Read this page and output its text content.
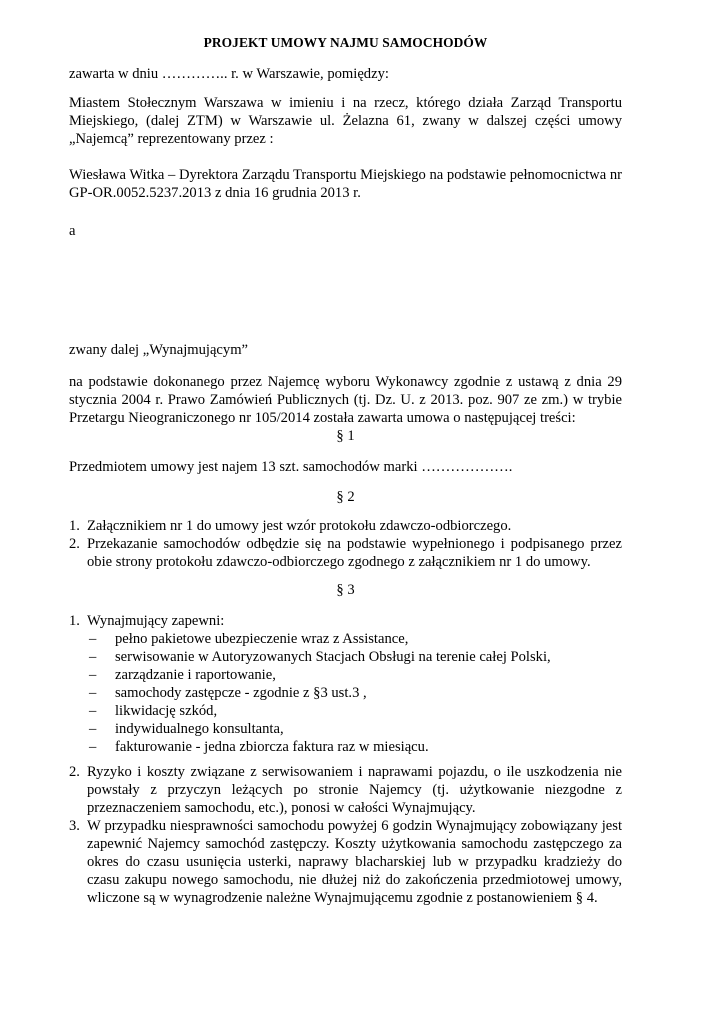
PROJEKT UMOWY NAJMU SAMOCHODÓW
zawarta w dniu ………….. r. w Warszawie, pomiędzy:
Miastem Stołecznym Warszawa w imieniu i na rzecz, którego działa Zarząd Transportu Miejskiego, (dalej ZTM) w Warszawie ul. Żelazna 61, zwany w dalszej części umowy „Najemcą” reprezentowany przez :
Wiesława Witka – Dyrektora Zarządu Transportu Miejskiego na podstawie pełnomocnictwa nr GP-OR.0052.5237.2013 z dnia 16 grudnia 2013 r.
a
zwany dalej „Wynajmującym”
na podstawie dokonanego przez Najemcę wyboru Wykonawcy zgodnie z ustawą z dnia 29 stycznia 2004 r. Prawo Zamówień Publicznych (tj. Dz. U. z 2013. poz. 907 ze zm.) w trybie Przetargu Nieograniczonego nr 105/2014 została zawarta umowa o następującej treści:
§ 1
Przedmiotem umowy jest najem 13 szt. samochodów marki ……………….
§ 2
1. Załącznikiem nr 1 do umowy jest wzór protokołu zdawczo-odbiorczego.
2. Przekazanie samochodów odbędzie się na podstawie wypełnionego i podpisanego przez obie strony protokołu zdawczo-odbiorczego zgodnego z załącznikiem nr 1 do umowy.
§ 3
1. Wynajmujący zapewni:
– pełno pakietowe ubezpieczenie wraz z Assistance,
– serwisowanie w Autoryzowanych Stacjach Obsługi na terenie całej Polski,
– zarządzanie i raportowanie,
– samochody zastępcze - zgodnie z §3 ust.3 ,
– likwidację szkód,
– indywidualnego konsultanta,
– fakturowanie - jedna zbiorcza faktura raz w miesiącu.
2. Ryzyko i koszty związane z serwisowaniem i naprawami pojazdu, o ile uszkodzenia nie powstały z przyczyn leżących po stronie Najemcy (tj. użytkowanie niezgodne z przeznaczeniem samochodu, etc.), ponosi w całości Wynajmujący.
3. W przypadku niesprawności samochodu powyżej 6 godzin Wynajmujący zobowiązany jest zapewnić Najemcy samochód zastępczy. Koszty użytkowania samochodu zastępczego za okres do czasu usunięcia usterki, naprawy blacharskiej lub w przypadku kradzieży do czasu zakupu nowego samochodu, nie dłużej niż do zakończenia przedmiotowej umowy, wliczone są w wynagrodzenie należne Wynajmującemu zgodnie z postanowieniem § 4.
